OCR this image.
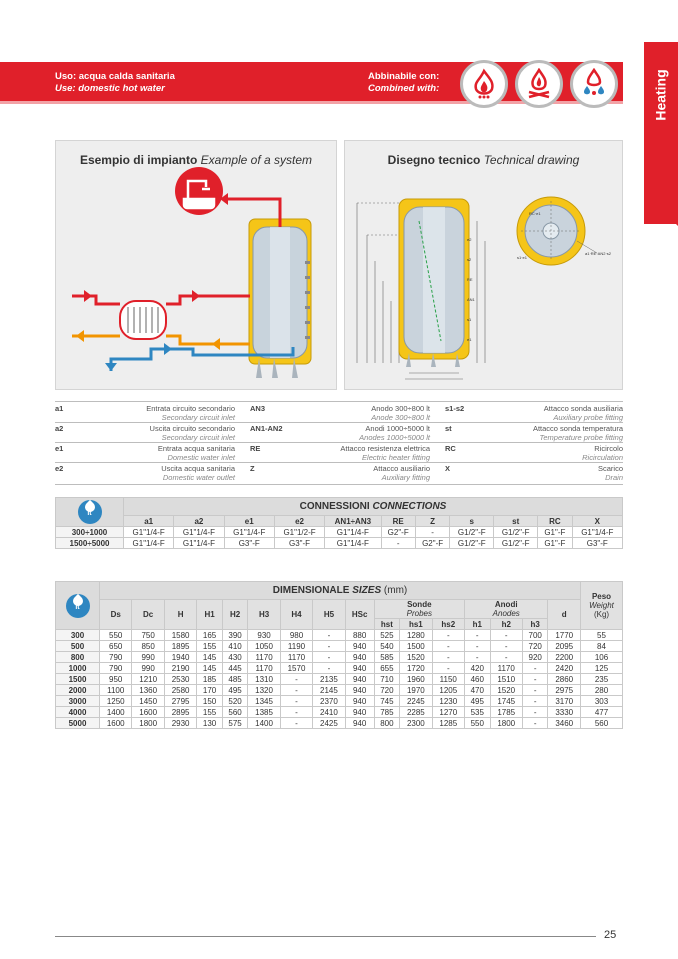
Heating
Uso: acqua calda sanitaria
Use: domestic hot water
Abbinabile con:
Combined with:
Esempio di impianto Example of a system	Disegno tecnico Technical drawing
e2
s2
RE
AN1
s1
e1
RC·e1
a1·RE·AN2·s2
s1·e1
a1	Entrata circuito secondario
Secondary circuit inlet
a2	Uscita circuito secondario
Secondary circuit inlet
e1	Entrata acqua sanitaria
Domestic water inlet
e2	Uscita acqua sanitaria
Domestic water outlet
AN3	Anodo 300÷800 lt
Anode 300÷800 lt
AN1-AN2	Anodi 1000÷5000 lt
Anodes 1000÷5000 lt
RE	Attacco resistenza elettrica
Electric heater fitting
Z	Attacco ausiliario
Auxiliary fitting
s1-s2	Attacco sonda ausiliaria
Auxiliary probe fitting
st	Attacco sonda temperatura
Temperature probe fitting
RC	Ricircolo
Ricirculation
X	Scarico
Drain
lt	CONNESSIONI CONNECTIONS										
	a1	a2	e1	e2	AN1÷AN3	RE	Z	s	st	RC	X
300÷1000	G1"1/4-F	G1"1/4-F	G1"1/4-F	G1"1/2-F	G1"1/4-F	G2"-F	-	G1/2"-F	G1/2"-F	G1"-F	G1"1/4-F
1500÷5000	G1"1/4-F	G1"1/4-F	G3"-F	G3"-F	G1"1/4-F	-	G2"-F	G1/2"-F	G1/2"-F	G1"-F	G3"-F
lt	DIMENSIONALE SIZES (mm)																Peso
Weight
(Kg)
	Ds	Dc	H	H1	H2	H3	H4	H5	HSc	Sonde
Probes			Anodi
Anodes			d	
										hst	hs1	hs2	h1	h2	h3		
300	550	750	1580	165	390	930	980	-	880	525	1280	-	-	-	700	1770	55
500	650	850	1895	155	410	1050	1190	-	940	540	1500	-	-	-	720	2095	84
800	790	990	1940	145	430	1170	1170	-	940	585	1520	-	-	-	920	2200	106
1000	790	990	2190	145	445	1170	1570	-	940	655	1720	-	420	1170	-	2420	125
1500	950	1210	2530	185	485	1310	-	2135	940	710	1960	1150	460	1510	-	2860	235
2000	1100	1360	2580	170	495	1320	-	2145	940	720	1970	1205	470	1520	-	2975	280
3000	1250	1450	2795	150	520	1345	-	2370	940	745	2245	1230	495	1745	-	3170	303
4000	1400	1600	2895	155	560	1385	-	2410	940	785	2285	1270	535	1785	-	3330	477
5000	1600	1800	2930	130	575	1400	-	2425	940	800	2300	1285	550	1800	-	3460	560
25
